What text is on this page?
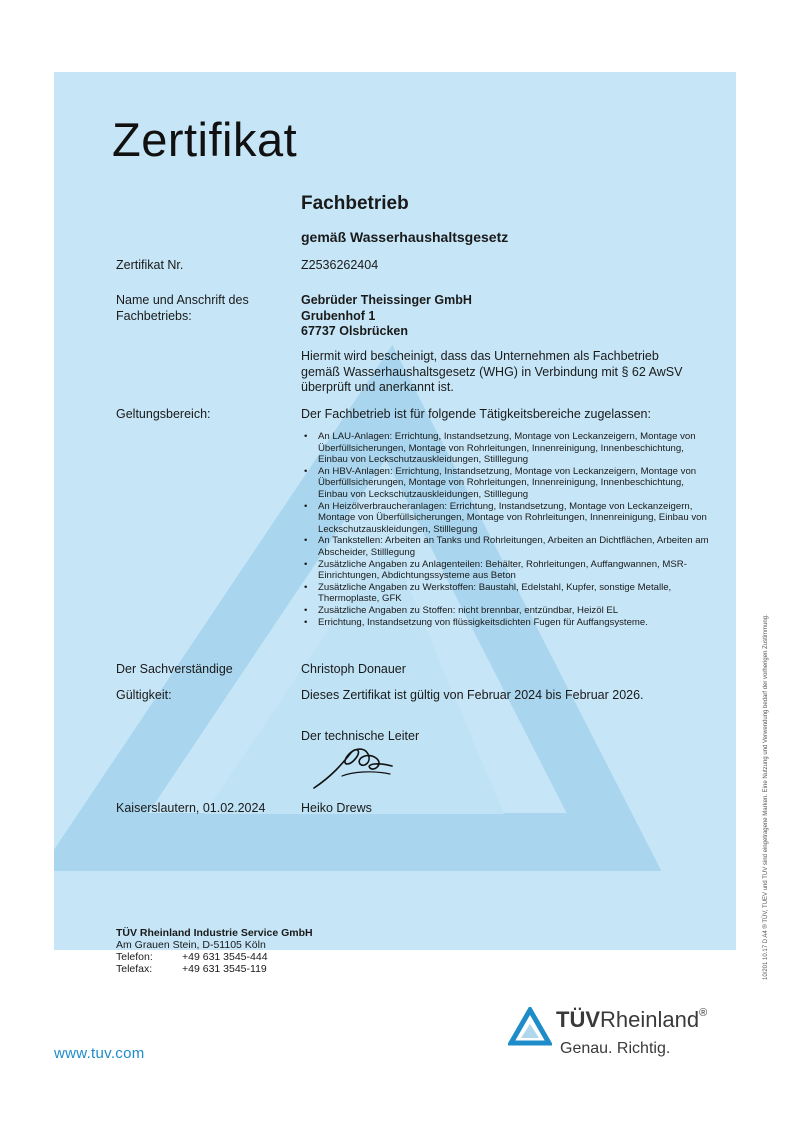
Zertifikat
Fachbetrieb
gemäß Wasserhaushaltsgesetz
Zertifikat Nr.	Z2536262404
Name und Anschrift des
Fachbetriebs:
Gebrüder Theissinger GmbH
Grubenhof 1
67737 Olsbrücken
Hiermit wird bescheinigt, dass das Unternehmen als Fachbetrieb gemäß Wasserhaushaltsgesetz (WHG) in Verbindung mit § 62 AwSV überprüft und anerkannt ist.
Geltungsbereich:	Der Fachbetrieb ist für folgende Tätigkeitsbereiche zugelassen:
• An LAU-Anlagen: Errichtung, Instandsetzung, Montage von Leckanzeigern, Montage von Überfüllsicherungen, Montage von Rohrleitungen, Innenreinigung, Innenbeschichtung, Einbau von Leckschutzauskleidungen, Stilllegung
• An HBV-Anlagen: Errichtung, Instandsetzung, Montage von Leckanzeigern, Montage von Überfüllsicherungen, Montage von Rohrleitungen, Innenreinigung, Innenbeschichtung, Einbau von Leckschutzauskleidungen, Stilllegung
• An Heizölverbraucheranlagen: Errichtung, Instandsetzung, Montage von Leckanzeigern, Montage von Überfüllsicherungen, Montage von Rohrleitungen, Innenreinigung, Einbau von Leckschutzauskleidungen, Stilllegung
• An Tankstellen: Arbeiten an Tanks und Rohrleitungen, Arbeiten an Dichtflächen, Arbeiten am Abscheider, Stilllegung
• Zusätzliche Angaben zu Anlagenteilen: Behälter, Rohrleitungen, Auffangwannen, MSR-Einrichtungen, Abdichtungssysteme aus Beton
• Zusätzliche Angaben zu Werkstoffen: Baustahl, Edelstahl, Kupfer, sonstige Metalle, Thermoplaste, GFK
• Zusätzliche Angaben zu Stoffen: nicht brennbar, entzündbar, Heizöl EL
• Errichtung, Instandsetzung von flüssigkeitsdichten Fugen für Auffangsysteme.
Der Sachverständige	Christoph Donauer
Gültigkeit:	Dieses Zertifikat ist gültig von Februar 2024 bis Februar 2026.
Der technische Leiter
Kaiserslautern, 01.02.2024	Heiko Drews
TÜV Rheinland Industrie Service GmbH
Am Grauen Stein, D-51105 Köln
Telefon:	+49 631 3545-444
Telefax:	+49 631 3545-119
www.tuv.com
TÜVRheinland®
Genau. Richtig.
10/201 10.17 D A4 ® TÜV, TUEV und TUV sind eingetragene Marken. Eine Nutzung und Verwendung bedarf der vorherigen Zustimmung.
